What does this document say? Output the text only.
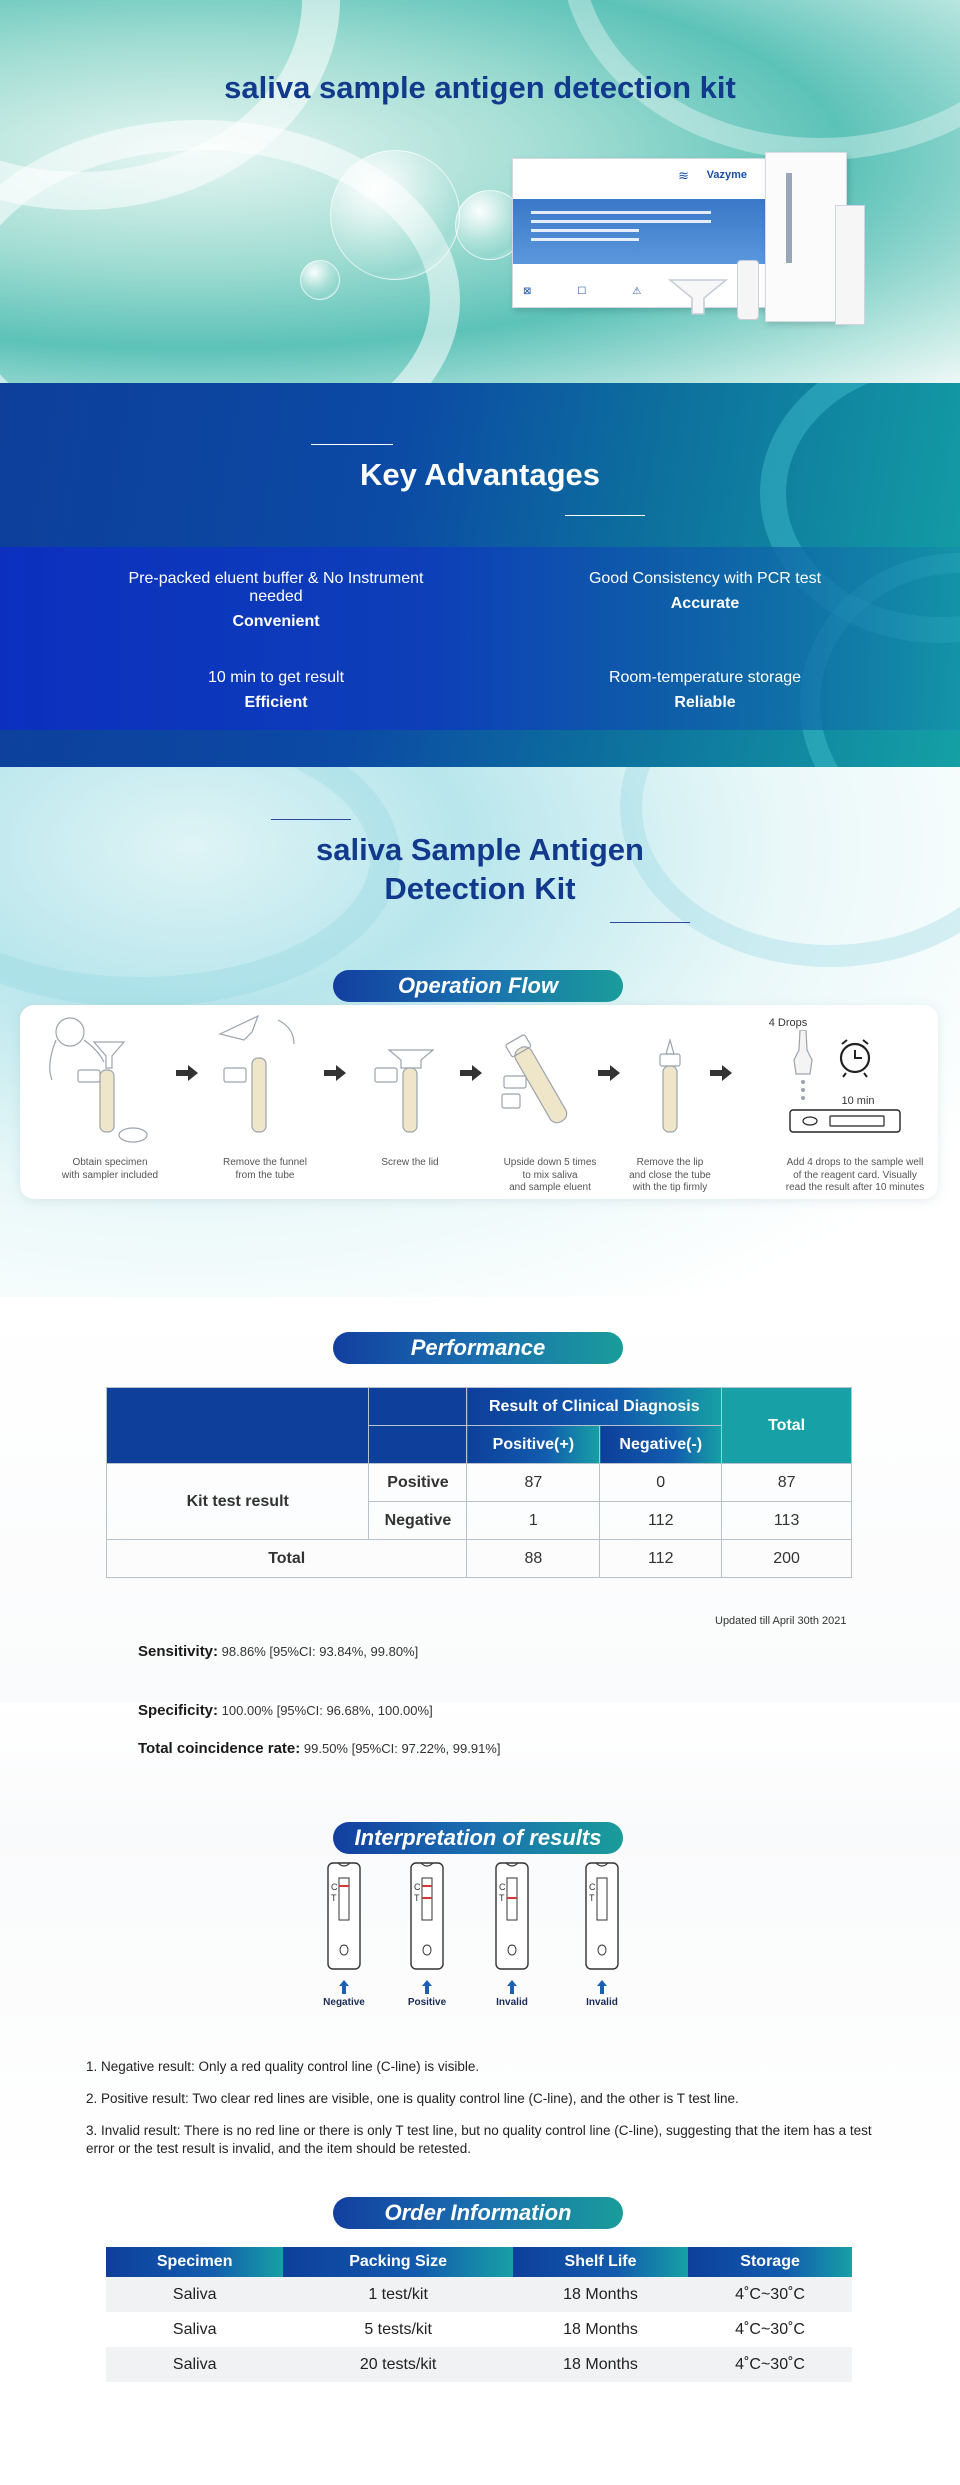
saliva sample antigen detection kit
≋ Vazyme
⊠	☐	⚠
Key Advantages
Pre-packed eluent buffer & No Instrument needed
Convenient
Good Consistency with PCR test
Accurate
10 min to get result
Efficient
Room-temperature storage
Reliable
saliva Sample Antigen
Detection Kit
Operation Flow
Obtain specimen
with sampler included
Remove the funnel
from the tube
Screw the lid	Upside down 5 times
to mix saliva
and sample eluent
Remove the lip
and close the tube
with the tip firmly
4 Drops
10 min
Add 4 drops to the sample well
of the reagent card. Visually
read the result after 10 minutes
Performance
		Result of Clinical Diagnosis		Total
		Positive(+)	Negative(-)	
Kit test result	Positive	87	0	87
	Negative	1	112	113
Total		88	112	200
Updated till April 30th 2021
Sensitivity: 98.86% [95%CI: 93.84%, 99.80%]
Specificity: 100.00% [95%CI: 96.68%, 100.00%]
Total coincidence rate: 99.50% [95%CI: 97.22%, 99.91%]
Interpretation of results
Negative	Positive	Invalid	Invalid
C
T
C
T
C
T
C
T

1. Negative result: Only a red quality control line (C-line) is visible.

2. Positive result: Two clear red lines are visible, one is quality control line (C-line), and the other is T test line.

3. Invalid result: There is no red line or there is only T test line, but no quality control line (C-line), suggesting that the item has a test error or the test result is invalid, and the item should be retested.

Order Information
Specimen	Packing Size	Shelf Life	Storage
Saliva	1 test/kit	18 Months	4˚C~30˚C
Saliva	5 tests/kit	18 Months	4˚C~30˚C
Saliva	20 tests/kit	18 Months	4˚C~30˚C
